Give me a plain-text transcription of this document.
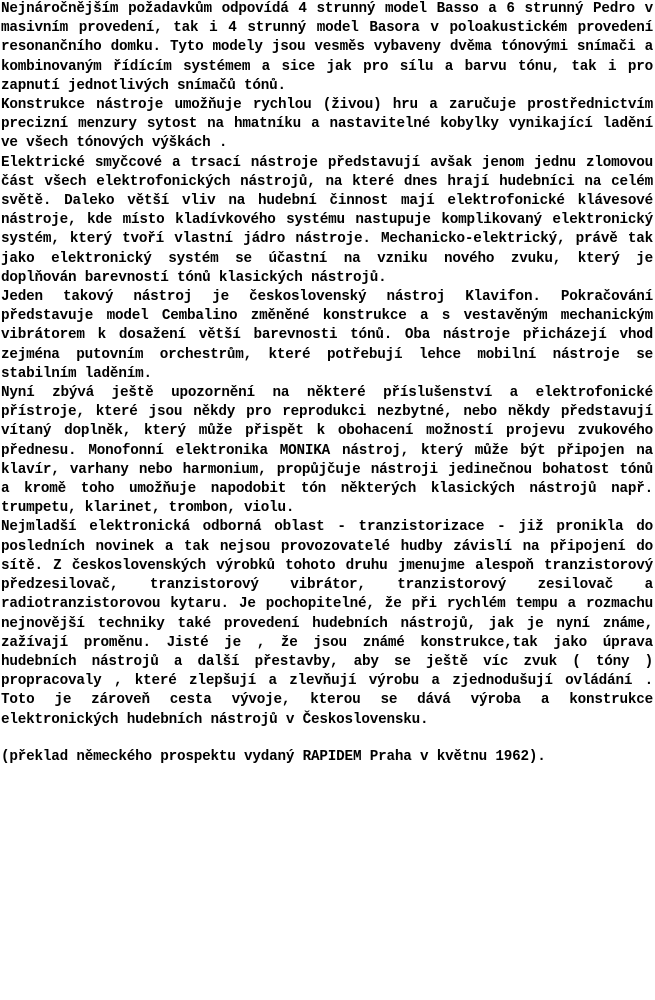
Nejnáročnějším požadavkům odpovídá 4 strunný model Basso a 6 strunný Pedro v masivním provedení, tak i 4 strunný model Basora v poloakustickém provedení resonančního domku. Tyto modely jsou vesměs vybaveny dvěma tónovými snímači a kombinovaným řídícím systémem a sice jak pro sílu a barvu tónu, tak i pro zapnutí jednotlivých snímačů tónů.

Konstrukce nástroje umožňuje rychlou (živou) hru a zaručuje prostřednictvím precizní menzury sytost na hmatníku a nastavitelné kobylky vynikající ladění ve všech tónových výškách .

Elektrické smyčcové a trsací nástroje představují avšak jenom jednu zlomovou část všech elektrofonických nástrojů, na které dnes hrají hudebníci na celém světě. Daleko větší vliv na hudební činnost mají elektrofonické klávesové nástroje, kde místo kladívkového systému nastupuje komplikovaný elektronický systém, který tvoří vlastní jádro nástroje. Mechanicko-elektrický, právě tak jako elektronický systém se účastní na vzniku nového zvuku, který je doplňován barevností tónů klasických nástrojů.

Jeden takový nástroj je československý nástroj Klavifon. Pokračování představuje model Cembalino změněné konstrukce a s vestavěným mechanickým vibrátorem k dosažení větší barevnosti tónů. Oba nástroje přicházejí vhod zejména putovním orchestrům, které potřebují lehce mobilní nástroje se stabilním laděním.

Nyní zbývá ještě upozornění na některé příslušenství a elektrofonické přístroje, které jsou někdy pro reprodukci nezbytné, nebo někdy představují vítaný doplněk, který může přispět k obohacení možností projevu zvukového přednesu. Monofonní elektronika MONIKA nástroj, který může být připojen na klavír, varhany nebo harmonium, propůjčuje nástroji jedinečnou bohatost tónů a kromě toho umožňuje napodobit tón některých klasických nástrojů např. trumpetu, klarinet, trombon, violu.

Nejmladší elektronická odborná oblast - tranzistorizace - již pronikla do posledních novinek a tak nejsou provozovatelé hudby závislí na připojení do sítě. Z československých výrobků tohoto druhu jmenujme alespoň tranzistorový předzesilovač, tranzistorový vibrátor, tranzistorový zesilovač a radiotranzistorovou kytaru. Je pochopitelné, že při rychlém tempu a rozmachu nejnovější techniky také provedení hudebních nástrojů, jak je nyní známe, zažívají proměnu. Jisté je , že jsou známé konstrukce,tak jako úprava hudebních nástrojů a další přestavby, aby se ještě víc zvuk ( tóny ) propracovaly , které zlepšují a zlevňují výrobu a zjednodušují ovládání . Toto je zároveň cesta vývoje, kterou se dává výroba a konstrukce elektronických hudebních nástrojů v Československu.

(překlad německého prospektu vydaný RAPIDEM Praha v květnu 1962).
